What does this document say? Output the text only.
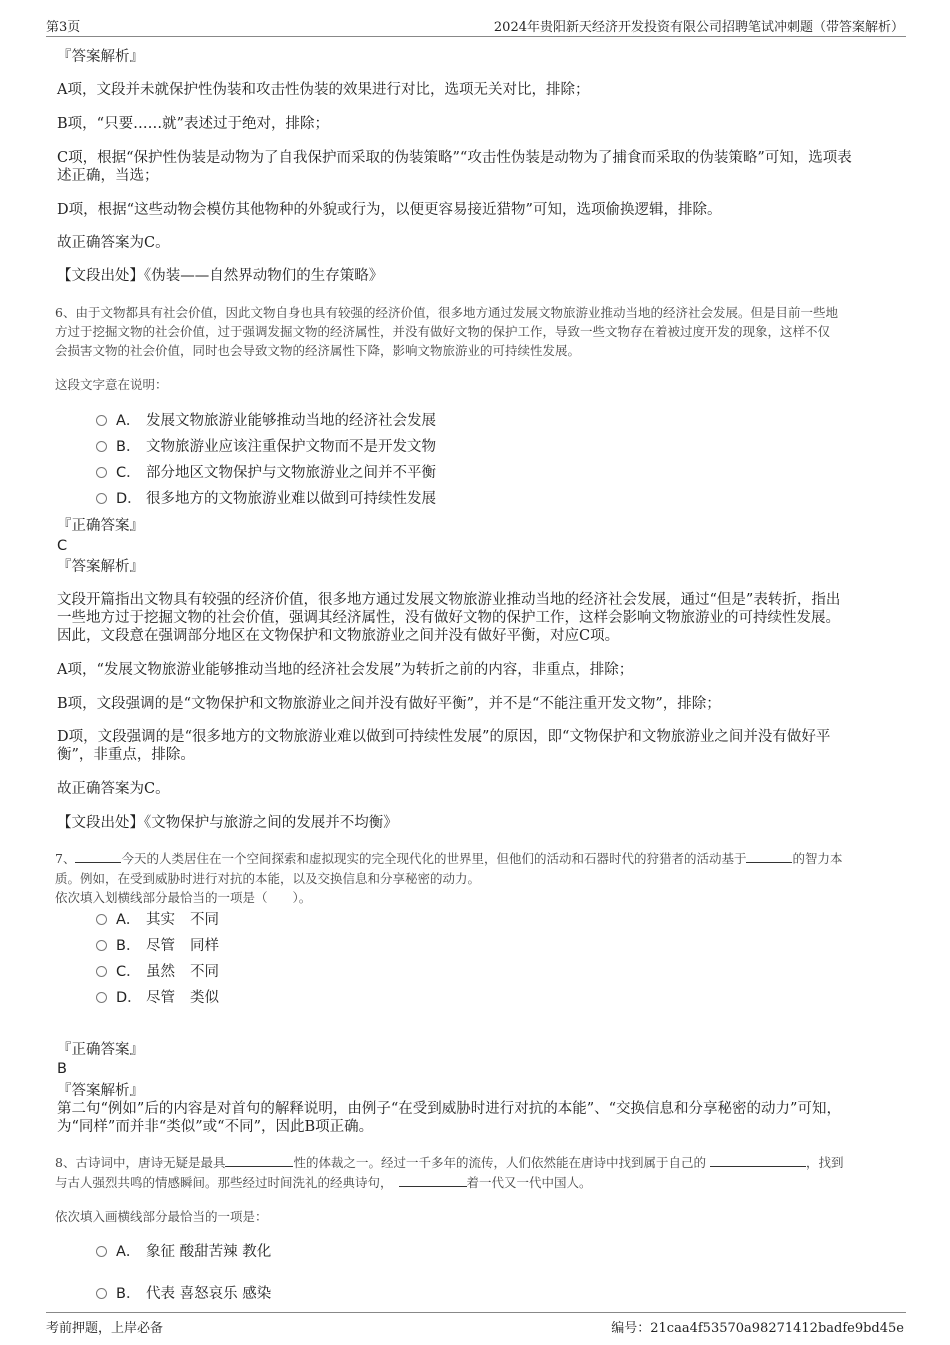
第3页	2024年贵阳新天经济开发投资有限公司招聘笔试冲刺题（带答案解析）
『答案解析』
A项，文段并未就保护性伪装和攻击性伪装的效果进行对比，选项无关对比，排除；
B项，“只要……就”表述过于绝对，排除；
C项，根据“保护性伪装是动物为了自我保护而采取的伪装策略”“攻击性伪装是动物为了捕食而采取的伪装策略”可知，选项表
述正确，当选；
D项，根据“这些动物会模仿其他物种的外貌或行为，以便更容易接近猎物”可知，选项偷换逻辑，排除。
故正确答案为C。
【文段出处】《伪装——自然界动物们的生存策略》
6、由于文物都具有社会价值，因此文物自身也具有较强的经济价值，很多地方通过发展文物旅游业推动当地的经济社会发展。但是目前一些地
方过于挖掘文物的社会价值，过于强调发掘文物的经济属性，并没有做好文物的保护工作，导致一些文物存在着被过度开发的现象，这样不仅
会损害文物的社会价值，同时也会导致文物的经济属性下降，影响文物旅游业的可持续性发展。
这段文字意在说明：
A． 发展文物旅游业能够推动当地的经济社会发展
B． 文物旅游业应该注重保护文物而不是开发文物
C． 部分地区文物保护与文物旅游业之间并不平衡
D． 很多地方的文物旅游业难以做到可持续性发展
『正确答案』
C
『答案解析』
文段开篇指出文物具有较强的经济价值，很多地方通过发展文物旅游业推动当地的经济社会发展，通过“但是”表转折，指出
一些地方过于挖掘文物的社会价值，强调其经济属性，没有做好文物的保护工作，这样会影响文物旅游业的可持续性发展。
因此，文段意在强调部分地区在文物保护和文物旅游业之间并没有做好平衡，对应C项。
A项，“发展文物旅游业能够推动当地的经济社会发展”为转折之前的内容，非重点，排除；
B项，文段强调的是“文物保护和文物旅游业之间并没有做好平衡”，并不是“不能注重开发文物”，排除；
D项，文段强调的是“很多地方的文物旅游业难以做到可持续性发展”的原因，即“文物保护和文物旅游业之间并没有做好平
衡”，非重点，排除。
故正确答案为C。
【文段出处】《文物保护与旅游之间的发展并不均衡》
7、	今天的人类居住在一个空间探索和虚拟现实的完全现代化的世界里，但他们的活动和石器时代的狩猎者的活动基于	的智力本
质。例如，在受到威胁时进行对抗的本能，以及交换信息和分享秘密的动力。
依次填入划横线部分最恰当的一项是（　　）。
A． 其实 不同
B． 尽管 同样
C． 虽然 不同
D． 尽管 类似
『正确答案』
B
『答案解析』
第二句“例如”后的内容是对首句的解释说明，由例子“在受到威胁时进行对抗的本能”、“交换信息和分享秘密的动力”可知，
为“同样”而并非“类似”或“不同”，因此B项正确。
8、古诗词中，唐诗无疑是最具	性的体裁之一。经过一千多年的流传，人们依然能在唐诗中找到属于自己的	，找到
与古人强烈共鸣的情感瞬间。那些经过时间洗礼的经典诗句，	着一代又一代中国人。
依次填入画横线部分最恰当的一项是：
A． 象征 酸甜苦辣 教化
B． 代表 喜怒哀乐 感染
考前押题，上岸必备	编号：21caa4f53570a98271412badfe9bd45e
